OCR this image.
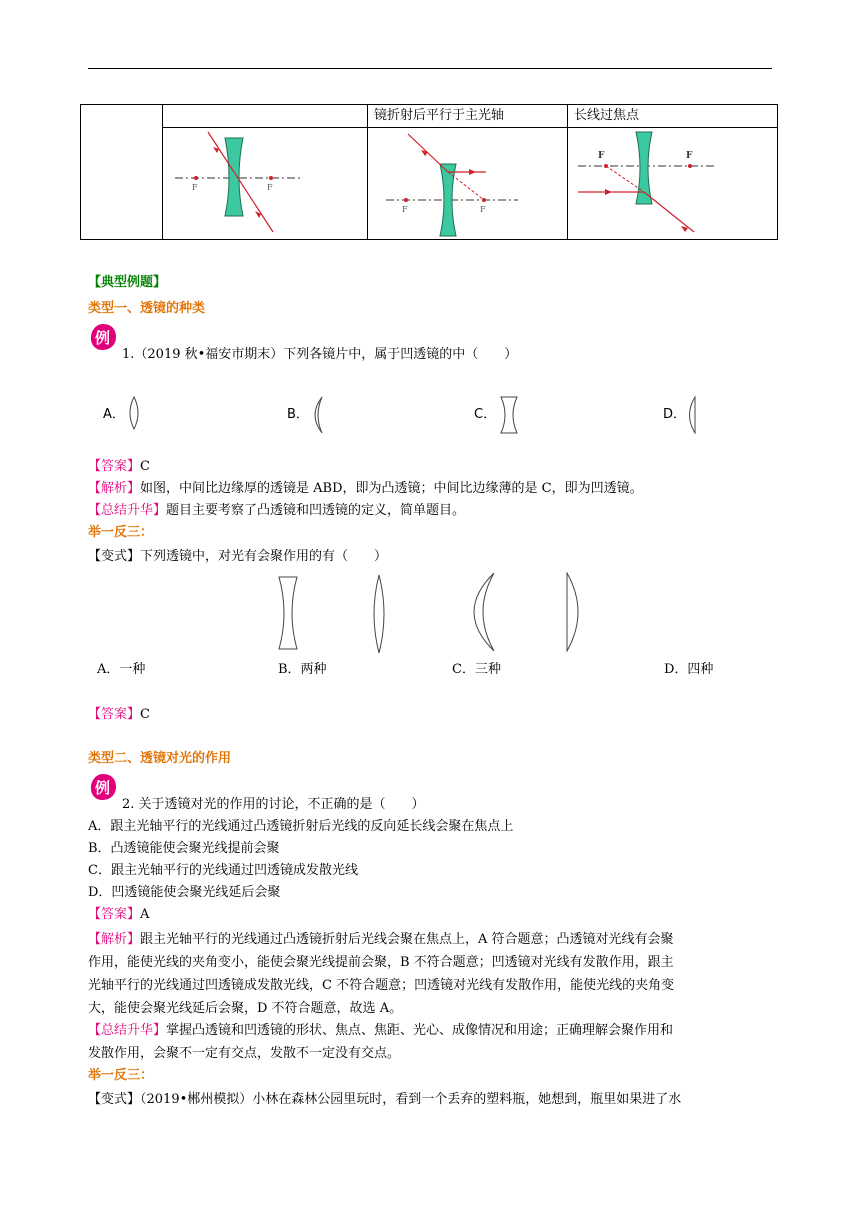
		镜折射后平行于主光轴	长线过焦点

F F	F F	F F
【典型例题】
类型一、透镜的种类
例
1.（2019 秋•福安市期末）下列各镜片中，属于凹透镜的中（　　）
A．	B．	C．	D．
【答案】C
【解析】如图，中间比边缘厚的透镜是 ABD，即为凸透镜；中间比边缘薄的是 C，即为凹透镜。
【总结升华】题目主要考察了凸透镜和凹透镜的定义，简单题目。
举一反三：
【变式】下列透镜中，对光有会聚作用的有（　　）
A．一种	B．两种	C．三种	D．四种
【答案】C
类型二、透镜对光的作用
例
2. 关于透镜对光的作用的讨论，不正确的是（　　）
A．跟主光轴平行的光线通过凸透镜折射后光线的反向延长线会聚在焦点上
B．凸透镜能使会聚光线提前会聚
C．跟主光轴平行的光线通过凹透镜成发散光线
D．凹透镜能使会聚光线延后会聚
【答案】A
【解析】跟主光轴平行的光线通过凸透镜折射后光线会聚在焦点上，A 符合题意；凸透镜对光线有会聚
作用，能使光线的夹角变小，能使会聚光线提前会聚，B 不符合题意；凹透镜对光线有发散作用，跟主
光轴平行的光线通过凹透镜成发散光线，C 不符合题意；凹透镜对光线有发散作用，能使光线的夹角变
大，能使会聚光线延后会聚，D 不符合题意，故选 A。
【总结升华】掌握凸透镜和凹透镜的形状、焦点、焦距、光心、成像情况和用途；正确理解会聚作用和
发散作用，会聚不一定有交点，发散不一定没有交点。
举一反三：
【变式】（2019•郴州模拟）小林在森林公园里玩时，看到一个丢弃的塑料瓶，她想到，瓶里如果进了水
